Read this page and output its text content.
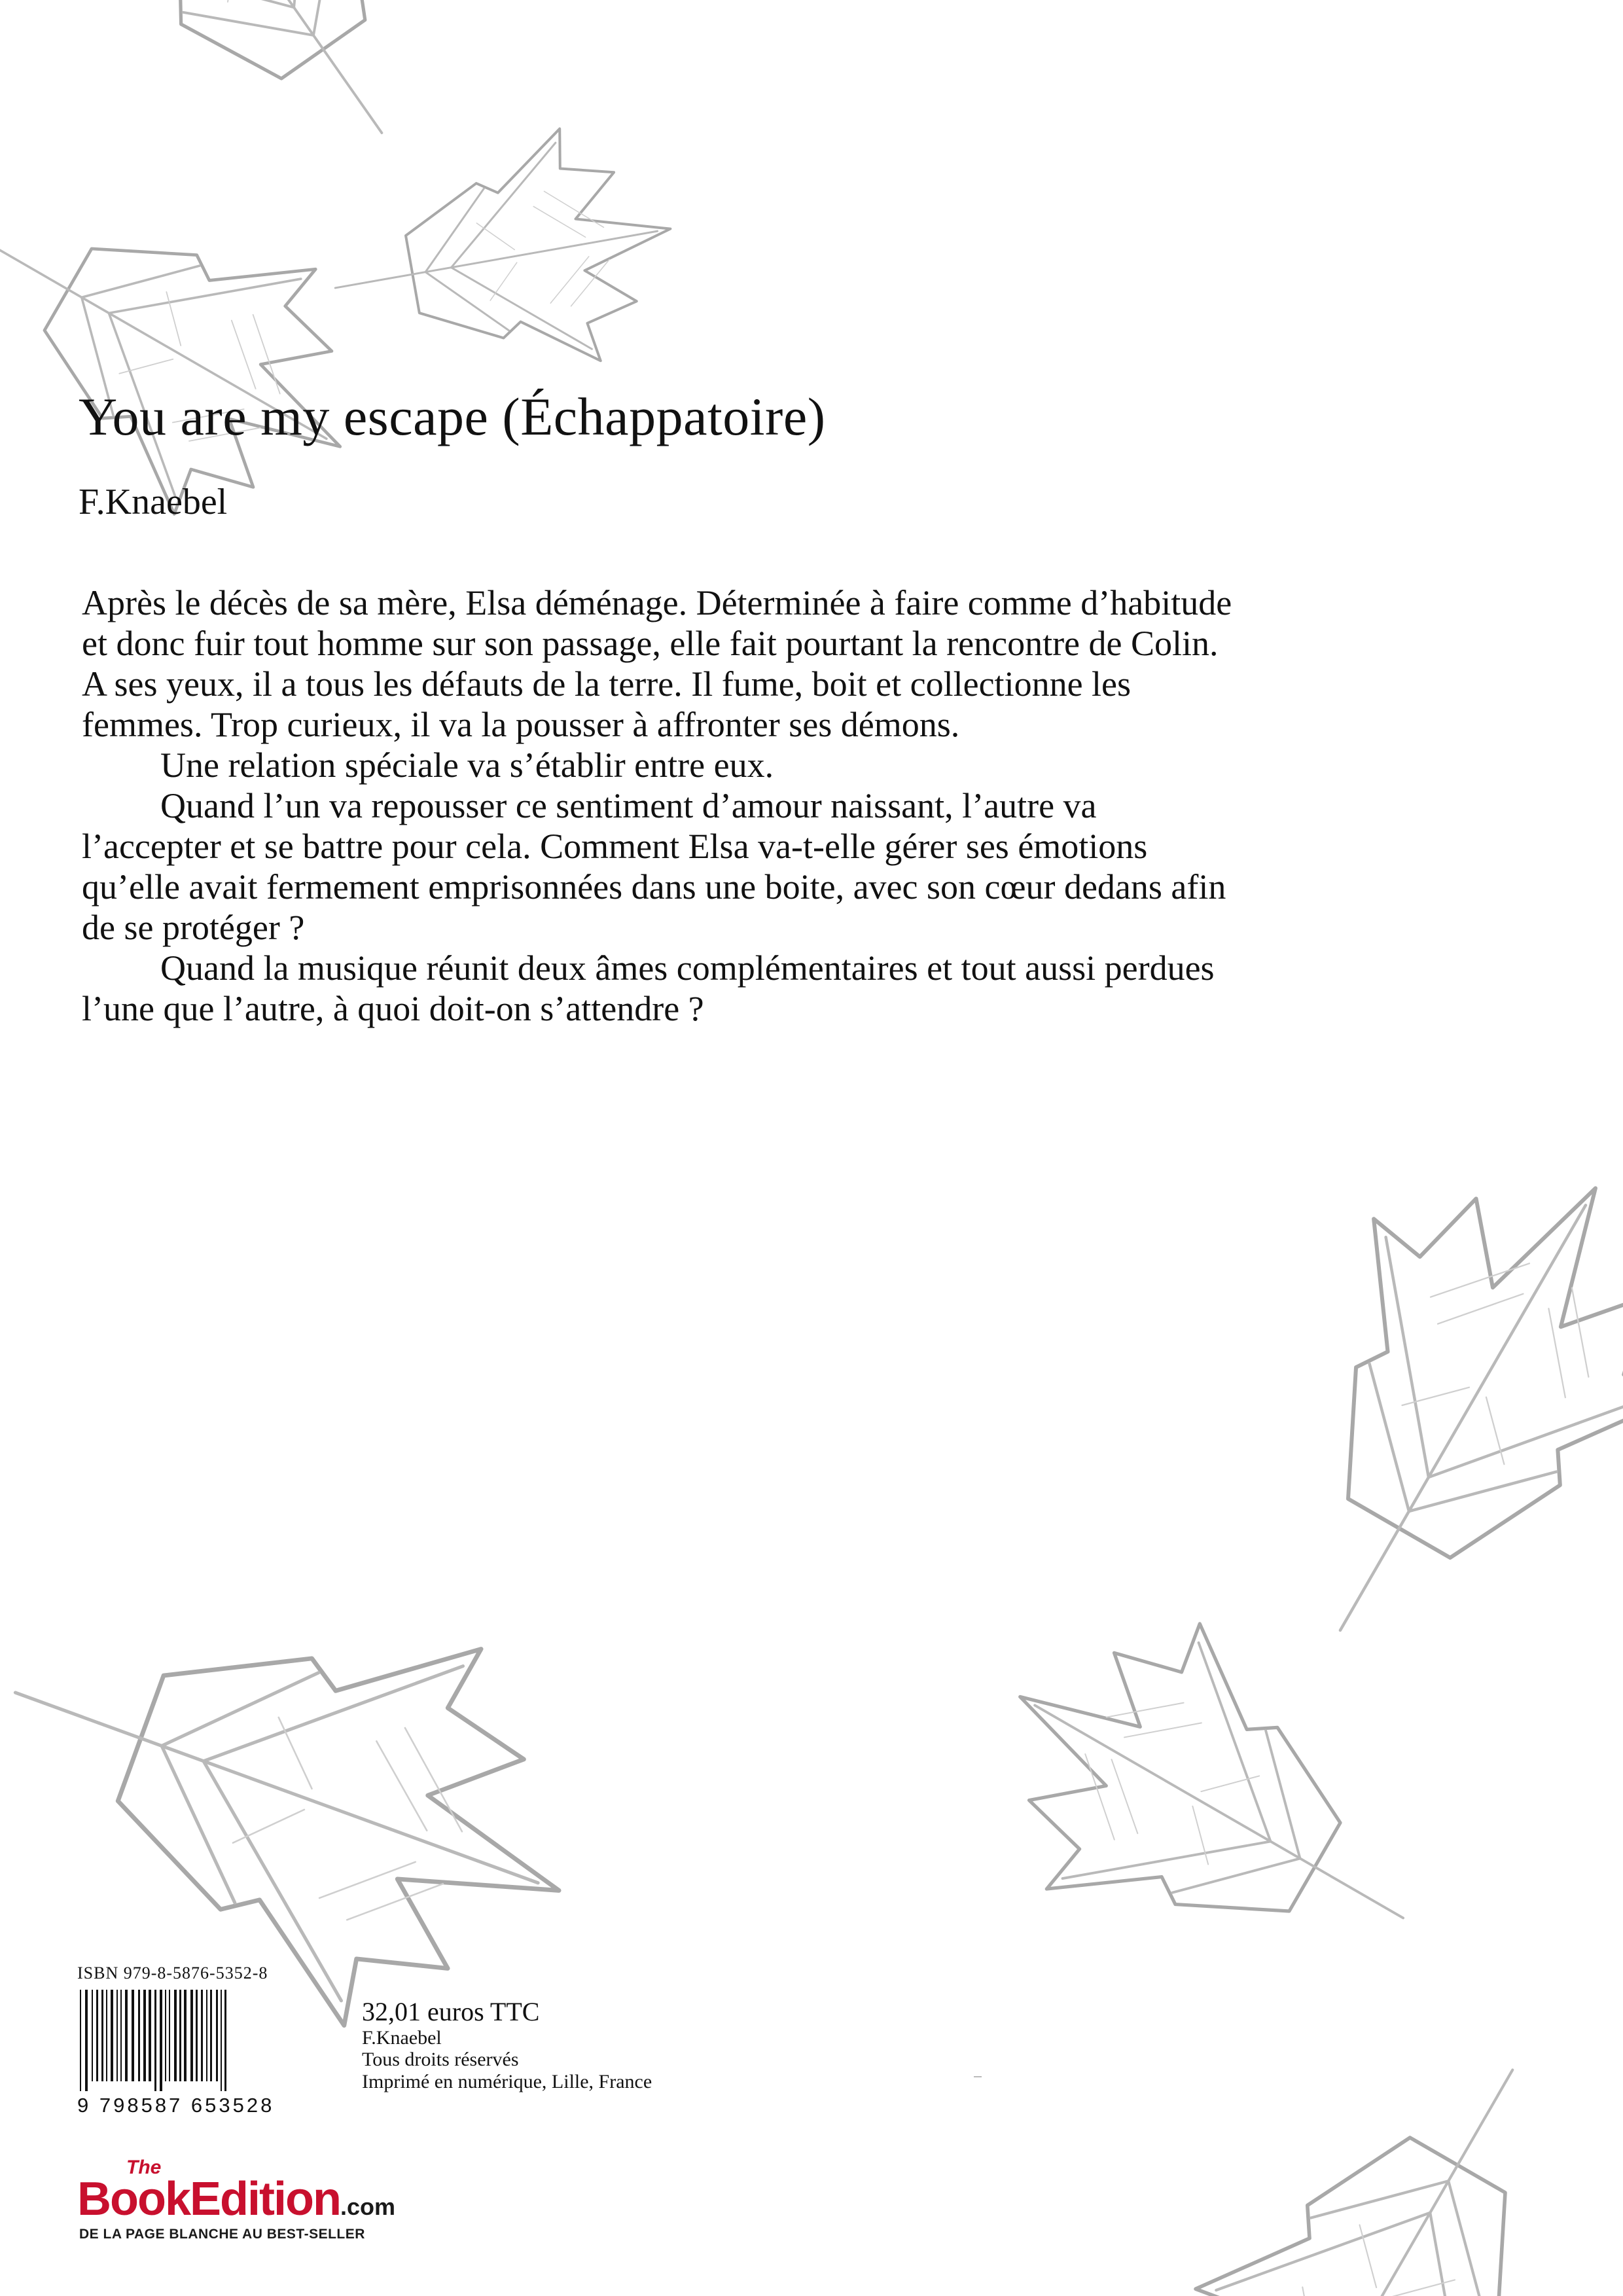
You are my escape (Échappatoire)

F.Knaebel

Après le décès de sa mère, Elsa déménage. Déterminée à faire comme d’habitude et donc fuir tout homme sur son passage, elle fait pourtant la rencontre de Colin. A ses yeux, il a tous les défauts de la terre. Il fume, boit et collectionne les femmes. Trop curieux, il va la pousser à affronter ses démons.

Une relation spéciale va s’établir entre eux.

Quand l’un va repousser ce sentiment d’amour naissant, l’autre va l’accepter et se battre pour cela. Comment Elsa va-t-elle gérer ses émotions qu’elle avait fermement emprisonnées dans une boite, avec son cœur dedans afin de se protéger ?

Quand la musique réunit deux âmes complémentaires et tout aussi perdues l’une que l’autre, à quoi doit-on s’attendre ?

ISBN 979-8-5876-5352-8
9 798587 653528
32,01 euros TTC
F.Knaebel
Tous droits réservés
Imprimé en numérique, Lille, France
The
BookEdition.com
DE LA PAGE BLANCHE AU BEST-SELLER
